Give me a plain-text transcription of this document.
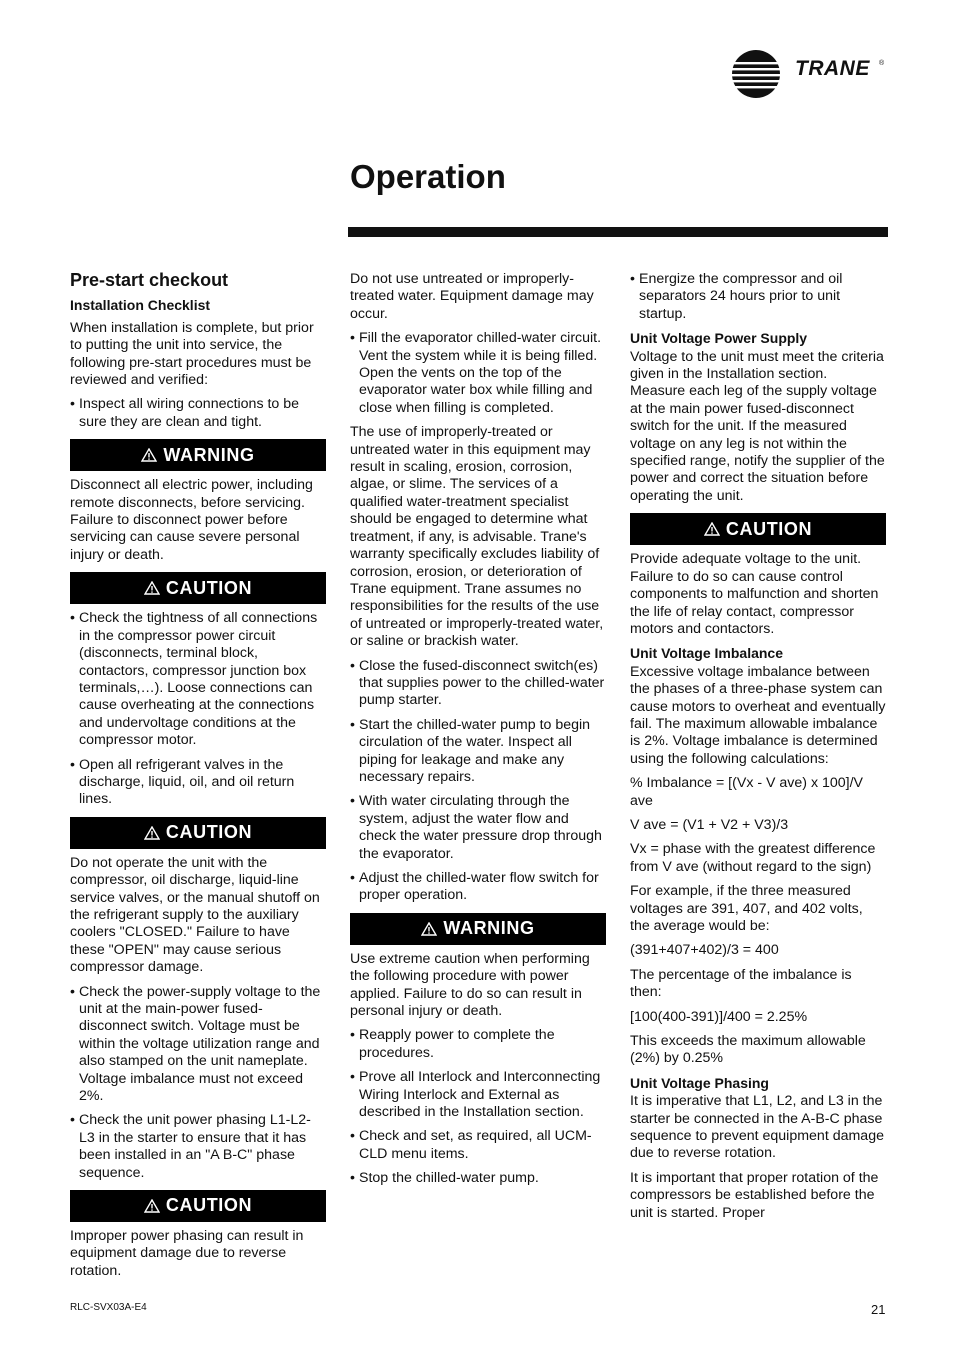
TRANE ®
Operation
Pre-start checkout
Installation Checklist

When installation is complete, but prior to putting the unit into service, the following pre-start procedures must be reviewed and verified:

• Inspect all wiring connections to be sure they are clean and tight.
WARNING

Disconnect all electric power, including remote disconnects, before servicing. Failure to disconnect power before servicing can cause severe personal injury or death.

CAUTION
• Check the tightness of all connections in the compressor power circuit (disconnects, terminal block, contactors, compressor junction box terminals,…). Loose connections can cause overheating at the connections and undervoltage conditions at the compressor motor.
• Open all refrigerant valves in the discharge, liquid, oil, and oil return lines.
CAUTION

Do not operate the unit with the compressor, oil discharge, liquid-line service valves, or the manual shutoff on the refrigerant supply to the auxiliary coolers "CLOSED." Failure to have these "OPEN" may cause serious compressor damage.

• Check the power-supply voltage to the unit at the main-power fused-disconnect switch. Voltage must be within the voltage utilization range and also stamped on the unit nameplate. Voltage imbalance must not exceed 2%.
• Check the unit power phasing L1-L2-L3 in the starter to ensure that it has been installed in an "A B-C" phase sequence.
CAUTION

Improper power phasing can result in equipment damage due to reverse rotation.

Do not use untreated or improperly-treated water. Equipment damage may occur.

• Fill the evaporator chilled-water circuit. Vent the system while it is being filled. Open the vents on the top of the evaporator water box while filling and close when filling is completed.

The use of improperly-treated or untreated water in this equipment may result in scaling, erosion, corrosion, algae, or slime. The services of a qualified water-treatment specialist should be engaged to determine what treatment, if any, is advisable. Trane's warranty specifically excludes liability of corrosion, erosion, or deterioration of Trane equipment. Trane assumes no responsibilities for the results of the use of untreated or improperly-treated water, or saline or brackish water.

• Close the fused-disconnect switch(es) that supplies power to the chilled-water pump starter.
• Start the chilled-water pump to begin circulation of the water. Inspect all piping for leakage and make any necessary repairs.
• With water circulating through the system, adjust the water flow and check the water pressure drop through the evaporator.
• Adjust the chilled-water flow switch for proper operation.
WARNING

Use extreme caution when performing the following procedure with power applied. Failure to do so can result in personal injury or death.

• Reapply power to complete the procedures.
• Prove all Interlock and Interconnecting Wiring Interlock and External as described in the Installation section.
• Check and set, as required, all UCM-CLD menu items.
• Stop the chilled-water pump.
• Energize the compressor and oil separators 24 hours prior to unit startup.

Unit Voltage Power Supply
Voltage to the unit must meet the criteria given in the Installation section. Measure each leg of the supply voltage at the main power fused-disconnect switch for the unit. If the measured voltage on any leg is not within the specified range, notify the supplier of the power and correct the situation before operating the unit.

CAUTION

Provide adequate voltage to the unit. Failure to do so can cause control components to malfunction and shorten the life of relay contact, compressor motors and contactors.

Unit Voltage Imbalance
Excessive voltage imbalance between the phases of a three-phase system can cause motors to overheat and eventually fail. The maximum allowable imbalance is 2%. Voltage imbalance is determined using the following calculations:

% Imbalance = [(Vx - V ave) x 100]/V ave

V ave = (V1 + V2 + V3)/3

Vx = phase with the greatest difference from V ave (without regard to the sign)

For example, if the three measured voltages are 391, 407, and 402 volts, the average would be:

(391+407+402)/3 = 400

The percentage of the imbalance is then:

[100(400-391)]/400 = 2.25%

This exceeds the maximum allowable (2%) by 0.25%

Unit Voltage Phasing
It is imperative that L1, L2, and L3 in the starter be connected in the A-B-C phase sequence to prevent equipment damage due to reverse rotation.

It is important that proper rotation of the compressors be established before the unit is started. Proper

RLC-SVX03A-E4	21
